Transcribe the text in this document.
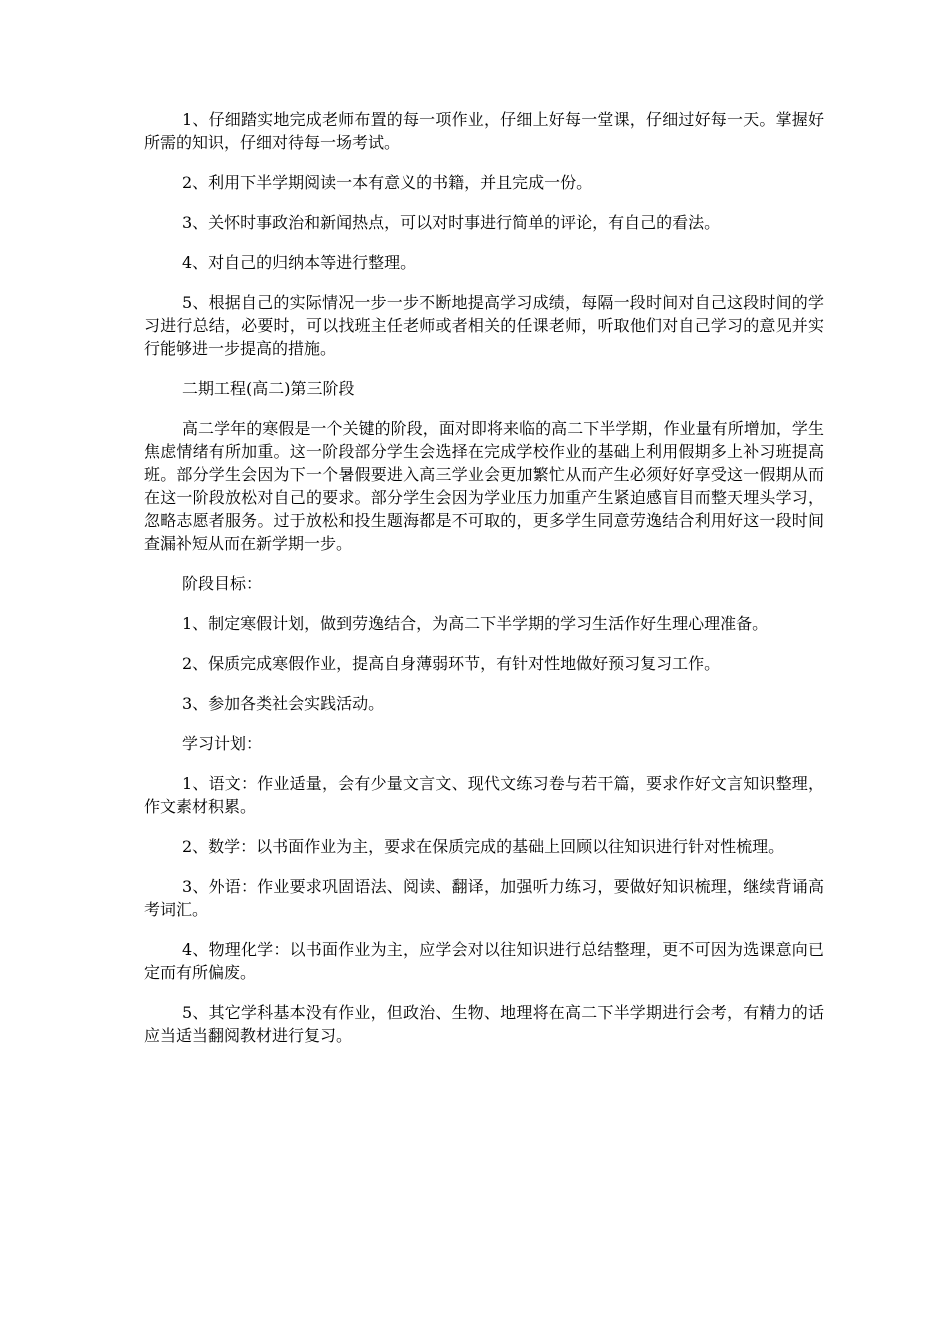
1、仔细踏实地完成老师布置的每一项作业，仔细上好每一堂课，仔细过好每一天。掌握好所需的知识，仔细对待每一场考试。

2、利用下半学期阅读一本有意义的书籍，并且完成一份。

3、关怀时事政治和新闻热点，可以对时事进行简单的评论，有自己的看法。

4、对自己的归纳本等进行整理。

5、根据自己的实际情况一步一步不断地提高学习成绩，每隔一段时间对自己这段时间的学习进行总结，必要时，可以找班主任老师或者相关的任课老师，听取他们对自己学习的意见并实行能够进一步提高的措施。

二期工程(高二)第三阶段

高二学年的寒假是一个关键的阶段，面对即将来临的高二下半学期，作业量有所增加，学生焦虑情绪有所加重。这一阶段部分学生会选择在完成学校作业的基础上利用假期多上补习班提高班。部分学生会因为下一个暑假要进入高三学业会更加繁忙从而产生必须好好享受这一假期从而在这一阶段放松对自己的要求。部分学生会因为学业压力加重产生紧迫感盲目而整天埋头学习，忽略志愿者服务。过于放松和投生题海都是不可取的，更多学生同意劳逸结合利用好这一段时间查漏补短从而在新学期一步。

阶段目标：

1、制定寒假计划，做到劳逸结合，为高二下半学期的学习生活作好生理心理准备。

2、保质完成寒假作业，提高自身薄弱环节，有针对性地做好预习复习工作。

3、参加各类社会实践活动。

学习计划：

1、语文：作业适量，会有少量文言文、现代文练习卷与若干篇，要求作好文言知识整理，作文素材积累。

2、数学：以书面作业为主，要求在保质完成的基础上回顾以往知识进行针对性梳理。

3、外语：作业要求巩固语法、阅读、翻译，加强听力练习，要做好知识梳理，继续背诵高考词汇。

4、物理化学：以书面作业为主，应学会对以往知识进行总结整理，更不可因为选课意向已定而有所偏废。

5、其它学科基本没有作业，但政治、生物、地理将在高二下半学期进行会考，有精力的话应当适当翻阅教材进行复习。
